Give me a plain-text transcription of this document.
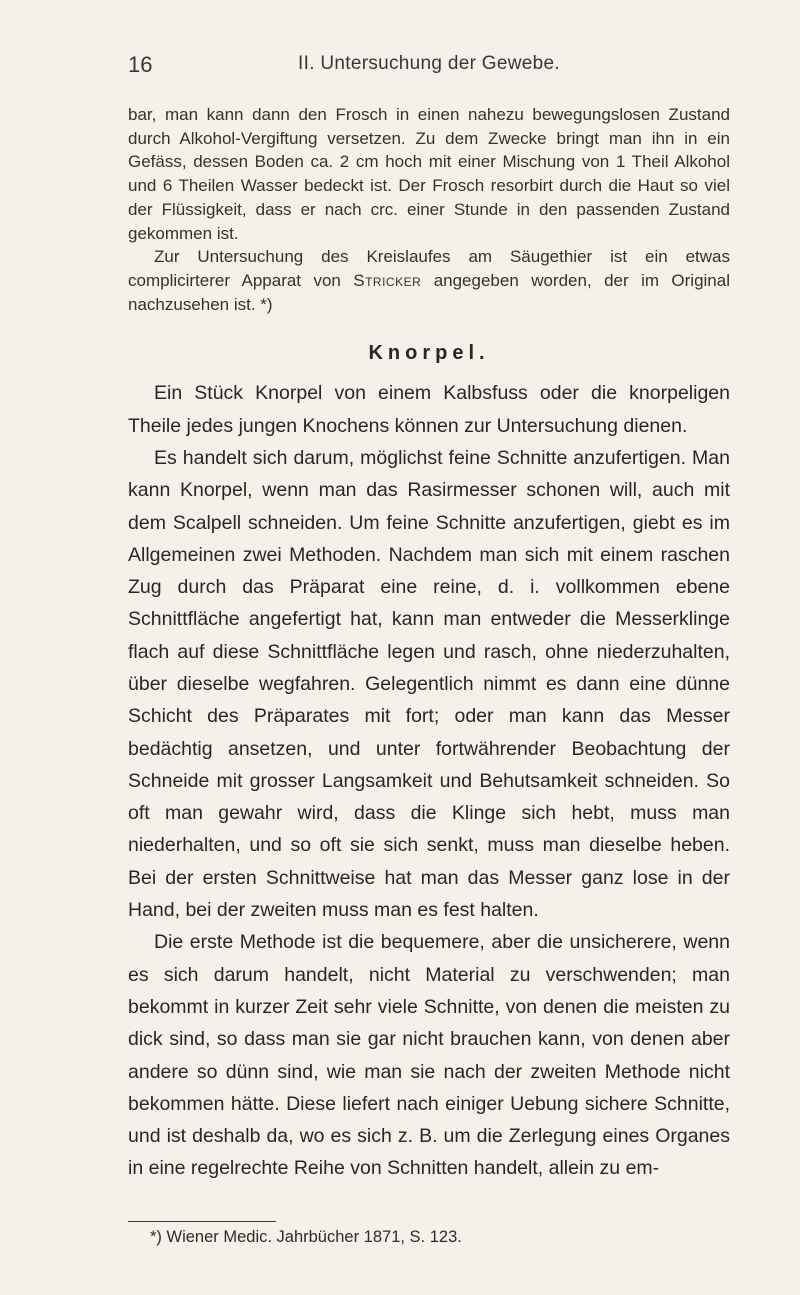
16	II. Untersuchung der Gewebe.

bar, man kann dann den Frosch in einen nahezu bewegungslosen Zustand durch Alkohol-Vergiftung versetzen. Zu dem Zwecke bringt man ihn in ein Gefäss, dessen Boden ca. 2 cm hoch mit einer Mischung von 1 Theil Alkohol und 6 Theilen Wasser bedeckt ist. Der Frosch resorbirt durch die Haut so viel der Flüssigkeit, dass er nach crc. einer Stunde in den passenden Zustand gekommen ist.

Zur Untersuchung des Kreislaufes am Säugethier ist ein etwas complicirterer Apparat von Stricker angegeben worden, der im Original nachzusehen ist. *)

Knorpel.

Ein Stück Knorpel von einem Kalbsfuss oder die knorpeligen Theile jedes jungen Knochens können zur Untersuchung dienen.

Es handelt sich darum, möglichst feine Schnitte anzufertigen. Man kann Knorpel, wenn man das Rasirmesser schonen will, auch mit dem Scalpell schneiden. Um feine Schnitte anzufertigen, giebt es im Allgemeinen zwei Methoden. Nachdem man sich mit einem raschen Zug durch das Präparat eine reine, d. i. vollkommen ebene Schnittfläche angefertigt hat, kann man entweder die Messerklinge flach auf diese Schnittfläche legen und rasch, ohne niederzuhalten, über dieselbe wegfahren. Gelegentlich nimmt es dann eine dünne Schicht des Präparates mit fort; oder man kann das Messer bedächtig ansetzen, und unter fortwährender Beobachtung der Schneide mit grosser Langsamkeit und Behutsamkeit schneiden. So oft man gewahr wird, dass die Klinge sich hebt, muss man niederhalten, und so oft sie sich senkt, muss man dieselbe heben. Bei der ersten Schnittweise hat man das Messer ganz lose in der Hand, bei der zweiten muss man es fest halten.

Die erste Methode ist die bequemere, aber die unsicherere, wenn es sich darum handelt, nicht Material zu verschwenden; man bekommt in kurzer Zeit sehr viele Schnitte, von denen die meisten zu dick sind, so dass man sie gar nicht brauchen kann, von denen aber andere so dünn sind, wie man sie nach der zweiten Methode nicht bekommen hätte. Diese liefert nach einiger Uebung sichere Schnitte, und ist deshalb da, wo es sich z. B. um die Zerlegung eines Organes in eine regelrechte Reihe von Schnitten handelt, allein zu em-

*) Wiener Medic. Jahrbücher 1871, S. 123.
